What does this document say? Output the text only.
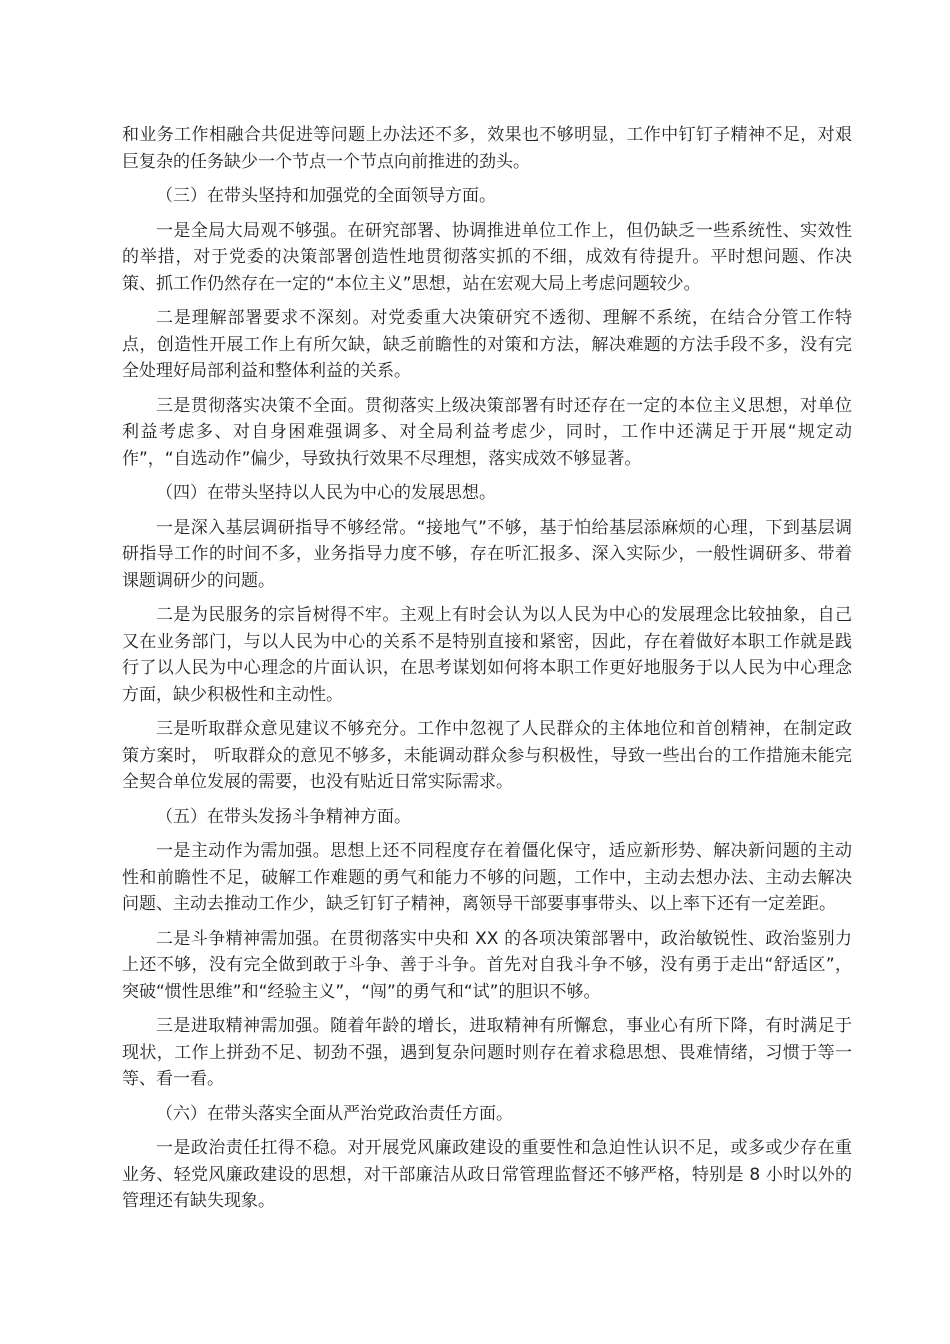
和业务工作相融合共促进等问题上办法还不多，效果也不够明显，工作中钉钉子精神不足，对艰巨复杂的任务缺少一个节点一个节点向前推进的劲头。

（三）在带头坚持和加强党的全面领导方面。

一是全局大局观不够强。在研究部署、协调推进单位工作上，但仍缺乏一些系统性、实效性的举措，对于党委的决策部署创造性地贯彻落实抓的不细，成效有待提升。平时想问题、作决策、抓工作仍然存在一定的“本位主义”思想，站在宏观大局上考虑问题较少。

二是理解部署要求不深刻。对党委重大决策研究不透彻、理解不系统，在结合分管工作特点，创造性开展工作上有所欠缺，缺乏前瞻性的对策和方法，解决难题的方法手段不多，没有完全处理好局部利益和整体利益的关系。

三是贯彻落实决策不全面。贯彻落实上级决策部署有时还存在一定的本位主义思想，对单位利益考虑多、对自身困难强调多、对全局利益考虑少，同时，工作中还满足于开展“规定动作”，“自选动作”偏少，导致执行效果不尽理想，落实成效不够显著。

（四）在带头坚持以人民为中心的发展思想。

一是深入基层调研指导不够经常。“接地气”不够，基于怕给基层添麻烦的心理，下到基层调研指导工作的时间不多，业务指导力度不够，存在听汇报多、深入实际少，一般性调研多、带着课题调研少的问题。

二是为民服务的宗旨树得不牢。主观上有时会认为以人民为中心的发展理念比较抽象，自己又在业务部门，与以人民为中心的关系不是特别直接和紧密，因此，存在着做好本职工作就是践行了以人民为中心理念的片面认识，在思考谋划如何将本职工作更好地服务于以人民为中心理念方面，缺少积极性和主动性。

三是听取群众意见建议不够充分。工作中忽视了人民群众的主体地位和首创精神，在制定政策方案时， 听取群众的意见不够多，未能调动群众参与积极性，导致一些出台的工作措施未能完全契合单位发展的需要，也没有贴近日常实际需求。

（五）在带头发扬斗争精神方面。

一是主动作为需加强。思想上还不同程度存在着僵化保守，适应新形势、解决新问题的主动性和前瞻性不足，破解工作难题的勇气和能力不够的问题，工作中，主动去想办法、主动去解决问题、主动去推动工作少，缺乏钉钉子精神，离领导干部要事事带头、以上率下还有一定差距。

二是斗争精神需加强。在贯彻落实中央和 XX 的各项决策部署中，政治敏锐性、政治鉴别力上还不够，没有完全做到敢于斗争、善于斗争。首先对自我斗争不够，没有勇于走出“舒适区”，突破“惯性思维”和“经验主义”，“闯”的勇气和“试”的胆识不够。

三是进取精神需加强。随着年龄的增长，进取精神有所懈怠，事业心有所下降，有时满足于现状，工作上拼劲不足、韧劲不强，遇到复杂问题时则存在着求稳思想、畏难情绪，习惯于等一等、看一看。

（六）在带头落实全面从严治党政治责任方面。

一是政治责任扛得不稳。对开展党风廉政建设的重要性和急迫性认识不足，或多或少存在重业务、轻党风廉政建设的思想，对干部廉洁从政日常管理监督还不够严格，特别是 8 小时以外的管理还有缺失现象。
